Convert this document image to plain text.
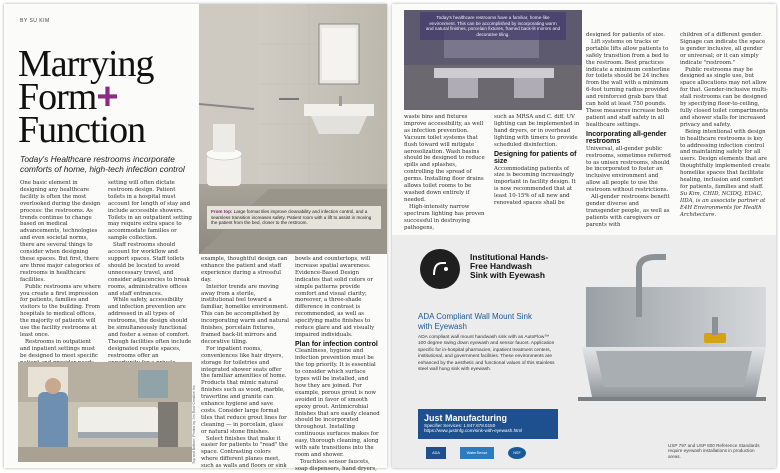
BY SU KIM
Marrying
Form+
Function
Today's Healthcare restrooms incorporate comforts of home, high-tech infection control
From top: Large format tiles improve cleanability and infection control, and a seamless transition increases safety. Patient room with a lift to assist in moving the patient from the bed, closer to the restroom.

One basic element in designing any healthcare facility is often the most overlooked during the design process: the restrooms. As trends continue to change based on medical advancements, technologies and even societal norms, there are several things to consider when designing these spaces. But first, there are three major categories of restrooms in healthcare facilities.

Public restrooms are where you create a first impression for patients, families and visitors to the building. From hospitals to medical offices, the majority of patients will use the facility restrooms at least once.

Restrooms in outpatient and inpatient settings must be designed to meet specific

setting will often dictate restroom design. Patient toilets in a hospital must account for length of stay and include accessible showers. Toilets in an outpatient setting may require extra space to accommodate families or sample collection.

Staff restrooms should account for workflow and support spaces. Staff toilets should be located to avoid unnecessary travel, and consider adjacencies to break rooms, administrative offices and staff entrances.

While safety, accessibility and infection prevention are addressed in all types of restrooms, the design should be simultaneously functional and foster a sense of comfort. Though facilities often include designated respite spaces, restrooms offer an

example, thoughtful design can enhance the patient and staff experience during a stressful day.

Interior trends are moving away from a sterile, institutional feel toward a familiar, homelike environment. This can be accomplished by incorporating warm and natural finishes, porcelain fixtures, framed back-lit mirrors and decorative tiling.

For inpatient rooms, conveniences like hair dryers, storage for toiletries and integrated shower seats offer the familiar amenities of home. Products that mimic natural finishes such as wood, marble, travertine and granite can enhance hygiene and save costs. Consider large format tiles that reduce grout lines for cleaning — in porcelain, glass or natural stone finishes.

Select finishes that make it easier for patients to "read" the space. Contrasting colors where different planes meet, such as walls and floors or sink

bowls and countertops, will increase spatial awareness. Evidence-Based Design indicates that solid colors or simple patterns provide comfort and visual clarity; moreover, a three-shade difference in contrast is recommended, as well as specifying matte finishes to reduce glare and aid visually impaired individuals.

Plan for infection control

Cleanliness, hygiene and infection prevention must be the top priority. It is essential to consider which surface types will be installed, and how they are joined. For example, porous grout is now avoided in favor of smooth epoxy grout. Antimicrobial finishes that are easily cleaned should be incorporated throughout. Installing continuous surfaces makes for easy, thorough cleaning, along with safe transitions into the room and shower.

Touchless sensor faucets, soap dispensers, hand dryers,

Top and Bottom: Photos by Jim Roof Creative Inc.
Today's healthcare restrooms have a familiar, home-like environment. This can be accomplished by incorporating warm and natural finishes, porcelain fixtures, framed back-lit mirrors and decorative tiling.

waste bins and fixtures improve accessibility, as well as infection prevention. Vacuum toilet systems that flush toward will mitigate aerosolization. Wash basins should be designed to reduce spills and splashes, controlling the spread of germs. Installing floor drains allows toilet rooms to be washed down entirely if needed.

High-intensity narrow spectrum lighting has proven successful in destroying pathogens,

such as MRSA and C. diff. UV lighting can be implemented in hand dryers, or in overhead lighting with timers to provide scheduled disinfection.

Designing for patients of size

Accommodating patients of size is becoming increasingly important in facility design. It is now recommended that at least 10-15% of all new and renovated spaces shall be

designed for patients of size.

Lift systems on tracks or portable lifts allow patients to safely transition from a bed to the restroom. Best practices indicate a minimum centerline for toilets should be 24 inches from the wall with a minimum 6-foot turning radius provided and reinforced grab bars that can hold at least 750 pounds. These measures increase both patient and staff safety in all healthcare settings.

Incorporating all-gender restrooms

Universal, all-gender public restrooms, sometimes referred to as unisex restrooms, should be incorporated to foster an inclusive environment and allow all people to use the restroom without restrictions.

All-gender restrooms benefit gender diverse and transgender people, as well as patients with caregivers or parents with

children of a different gender. Signage can indicate the space is gender inclusive, all gender or universal; or it can simply indicate "restroom."

Public restrooms may be designed as single use, but space allocations may not allow for that. Gender-inclusive multi-stall restrooms can be designed by specifying floor-to-ceiling, fully closed toilet compartments and shower stalls for increased privacy and safety.

Being intentional with design in healthcare restrooms is key to addressing infection control and maintaining safety for all users. Design elements that are thoughtfully implemented create homelike spaces that facilitate healing, inclusion and comfort for patients, families and staff.

Su Kim, CHID, NCIDQ, EDAC, IIDA, is an associate partner at E4H Environments for Health Architecture.

Institutional Hands-Free Handwash Sink with Eyewash
ADA Compliant Wall Mount Sink
with Eyewash
ADA compliant wall mount handwash sink with an AutoFlow™ 100 degree swing down eyewash and sensor faucet. Application specific for in-hospital pharmacies, inpatient treatment centers, institutional, and government facilities. These environments are enhanced by the aesthetic and functional values of this stainless steel wall hung sink with eyewash.
Just Manufacturing
Specifier Services: 1.847.678.5150
https://www.justmfg.com/sink-with-eyewash.html
ADA	WaterSense	NSF
USP 797 and USP 800 Reference Standards require eyewash installations in production areas.
